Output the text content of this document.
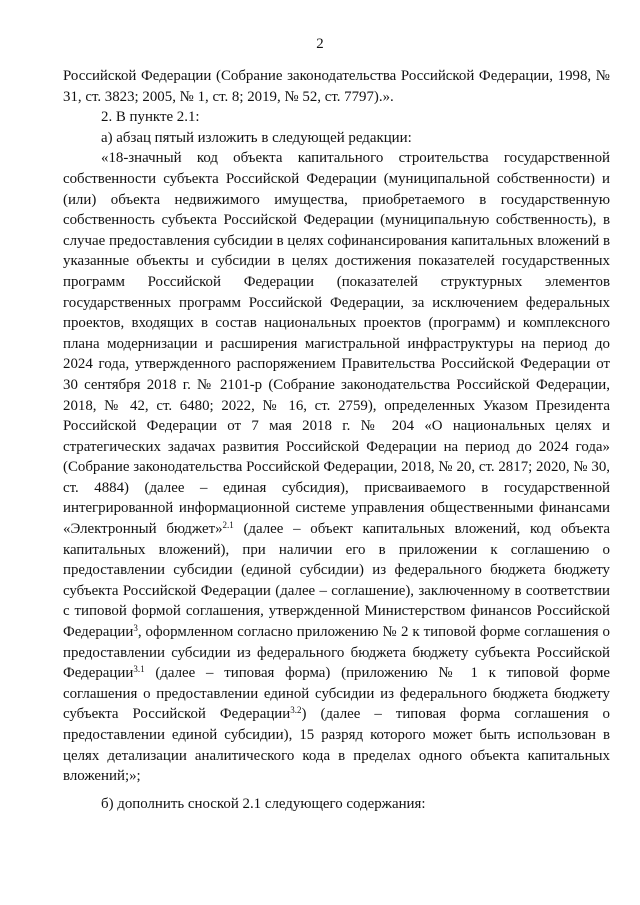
2

Российской Федерации (Собрание законодательства Российской Федерации, 1998, № 31, ст. 3823; 2005, № 1, ст. 8; 2019, № 52, ст. 7797).».

2. В пункте 2.1:

а) абзац пятый изложить в следующей редакции:

«18-значный код объекта капитального строительства государственной собственности субъекта Российской Федерации (муниципальной собственности) и (или) объекта недвижимого имущества, приобретаемого в государственную собственность субъекта Российской Федерации (муниципальную собственность), в случае предоставления субсидии в целях софинансирования капитальных вложений в указанные объекты и субсидии в целях достижения показателей государственных программ Российской Федерации (показателей структурных элементов государственных программ Российской Федерации, за исключением федеральных проектов, входящих в состав национальных проектов (программ) и комплексного плана модернизации и расширения магистральной инфраструктуры на период до 2024 года, утвержденного распоряжением Правительства Российской Федерации от 30 сентября 2018 г. № 2101-р (Собрание законодательства Российской Федерации, 2018, № 42, ст. 6480; 2022, № 16, ст. 2759), определенных Указом Президента Российской Федерации от 7 мая 2018 г. № 204 «О национальных целях и стратегических задачах развития Российской Федерации на период до 2024 года» (Собрание законодательства Российской Федерации, 2018, № 20, ст. 2817; 2020, № 30, ст. 4884) (далее – единая субсидия), присваиваемого в государственной интегрированной информационной системе управления общественными финансами «Электронный бюджет»$^{2.1}$ (далее – объект капитальных вложений, код объекта капитальных вложений), при наличии его в приложении к соглашению о предоставлении субсидии (единой субсидии) из федерального бюджета бюджету субъекта Российской Федерации (далее – соглашение), заключенному в соответствии с типовой формой соглашения, утвержденной Министерством финансов Российской Федерации$^3$, оформленном согласно приложению № 2 к типовой форме соглашения о предоставлении субсидии из федерального бюджета бюджету субъекта Российской Федерации$^{3.1}$ (далее – типовая форма) (приложению № 1 к типовой форме соглашения о предоставлении единой субсидии из федерального бюджета бюджету субъекта Российской Федерации$^{3.2}$) (далее – типовая форма соглашения о предоставлении единой субсидии), 15 разряд которого может быть использован в целях детализации аналитического кода в пределах одного объекта капитальных вложений;»;

б) дополнить сноской 2.1 следующего содержания:
